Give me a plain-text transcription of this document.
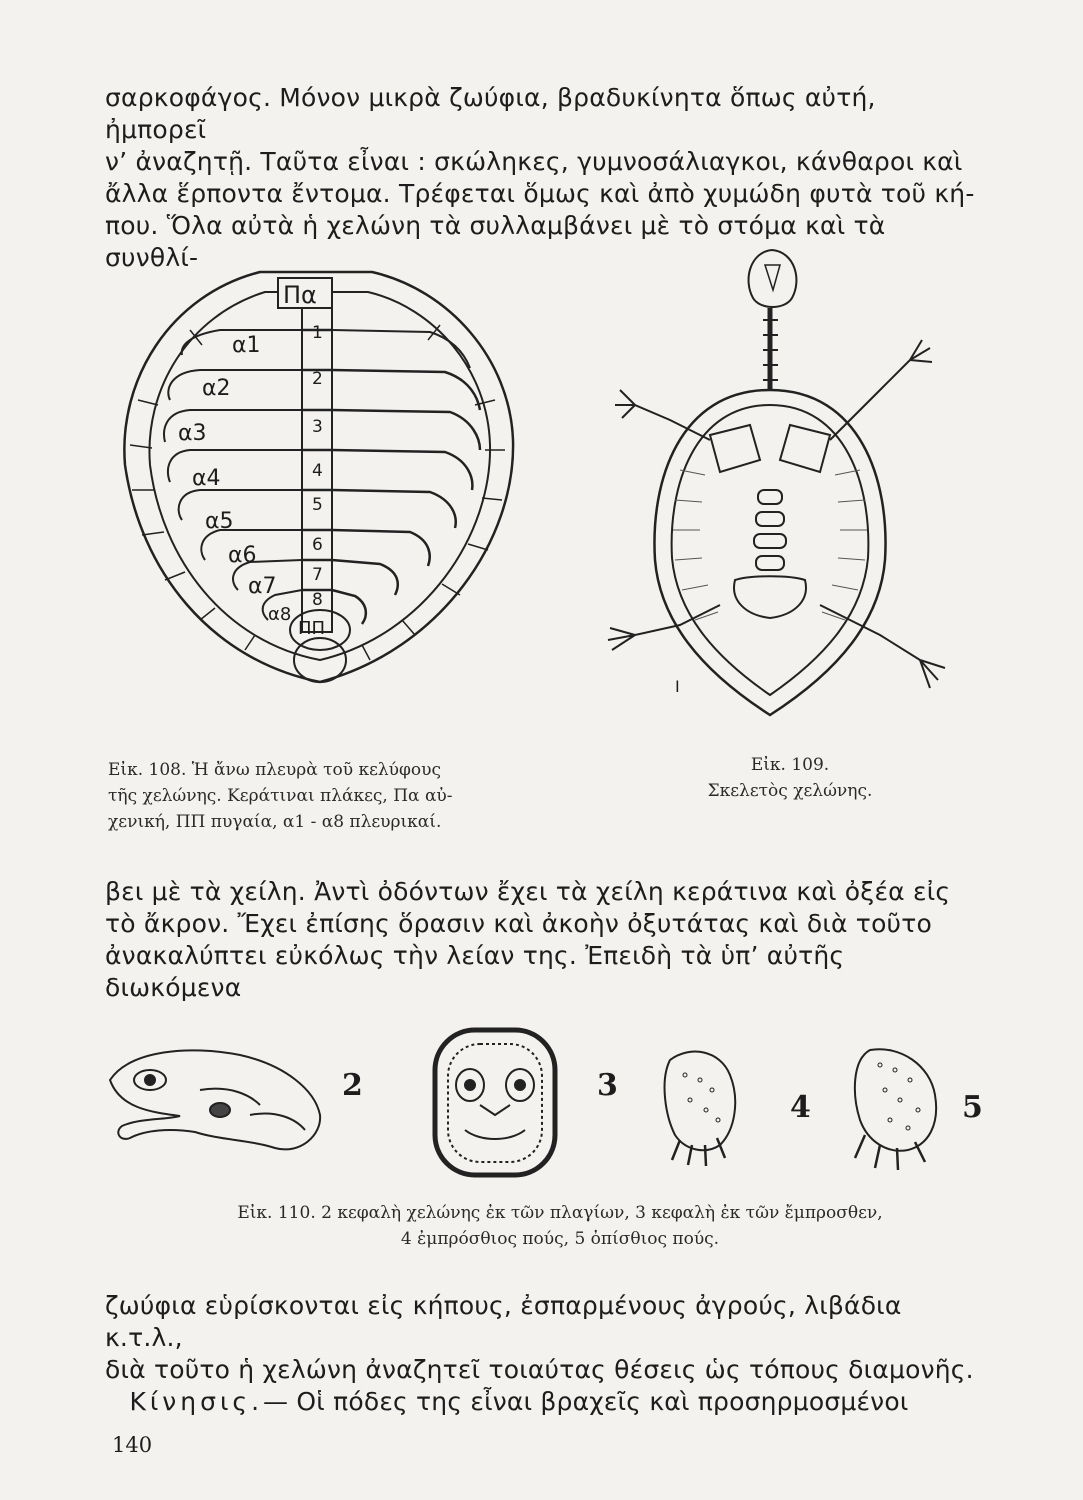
σαρκοφάγος. Μόνον μικρὰ ζωύφια, βραδυκίνητα ὅπως αὐτή, ἠμπορεῖ

ν’ ἀναζητῇ. Ταῦτα εἶναι : σκώληκες, γυμνοσάλιαγκοι, κάνθαροι καὶ

ἄλλα ἕρποντα ἔντομα. Τρέφεται ὅμως καὶ ἀπὸ χυμώδη φυτὰ τοῦ κή-

που. Ὅλα αὐτὰ ἡ χελώνη τὰ συλλαμβάνει μὲ τὸ στόμα καὶ τὰ συνθλί-

Πα
α1
α2
α3
α4
α5
α6
α7
α8
1
2
3
4
5
6
7
8
ΠΠ
Εἰκ. 108. Ἡ ἄνω πλευρὰ τοῦ κελύφους
τῆς χελώνης. Κεράτιναι πλάκες, Πα αὐ-
χενική, ΠΠ πυγαία, α1 - α8 πλευρικαί.
I
Εἰκ. 109.
Σκελετὸς χελώνης.

βει μὲ τὰ χείλη. Ἀντὶ ὀδόντων ἔχει τὰ χείλη κεράτινα καὶ ὀξέα εἰς

τὸ ἄκρον. Ἔχει ἐπίσης ὅρασιν καὶ ἀκοὴν ὀξυτάτας καὶ διὰ τοῦτο

ἀνακαλύπτει εὐκόλως τὴν λείαν της. Ἐπειδὴ τὰ ὑπ’ αὐτῆς διωκόμενα

2	3
4	5
Εἰκ. 110. 2 κεφαλὴ χελώνης ἐκ τῶν πλαγίων, 3 κεφαλὴ ἐκ τῶν ἔμπροσθεν,
4 ἐμπρόσθιος πούς, 5 ὀπίσθιος πούς.

ζωύφια εὑρίσκονται εἰς κήπους, ἐσπαρμένους ἀγρούς, λιβάδια κ.τ.λ.,

διὰ τοῦτο ἡ χελώνη ἀναζητεῖ τοιαύτας θέσεις ὡς τόπους διαμονῆς.

Κίνησις.— Οἱ πόδες της εἶναι βραχεῖς καὶ προσηρμοσμένοι

140
